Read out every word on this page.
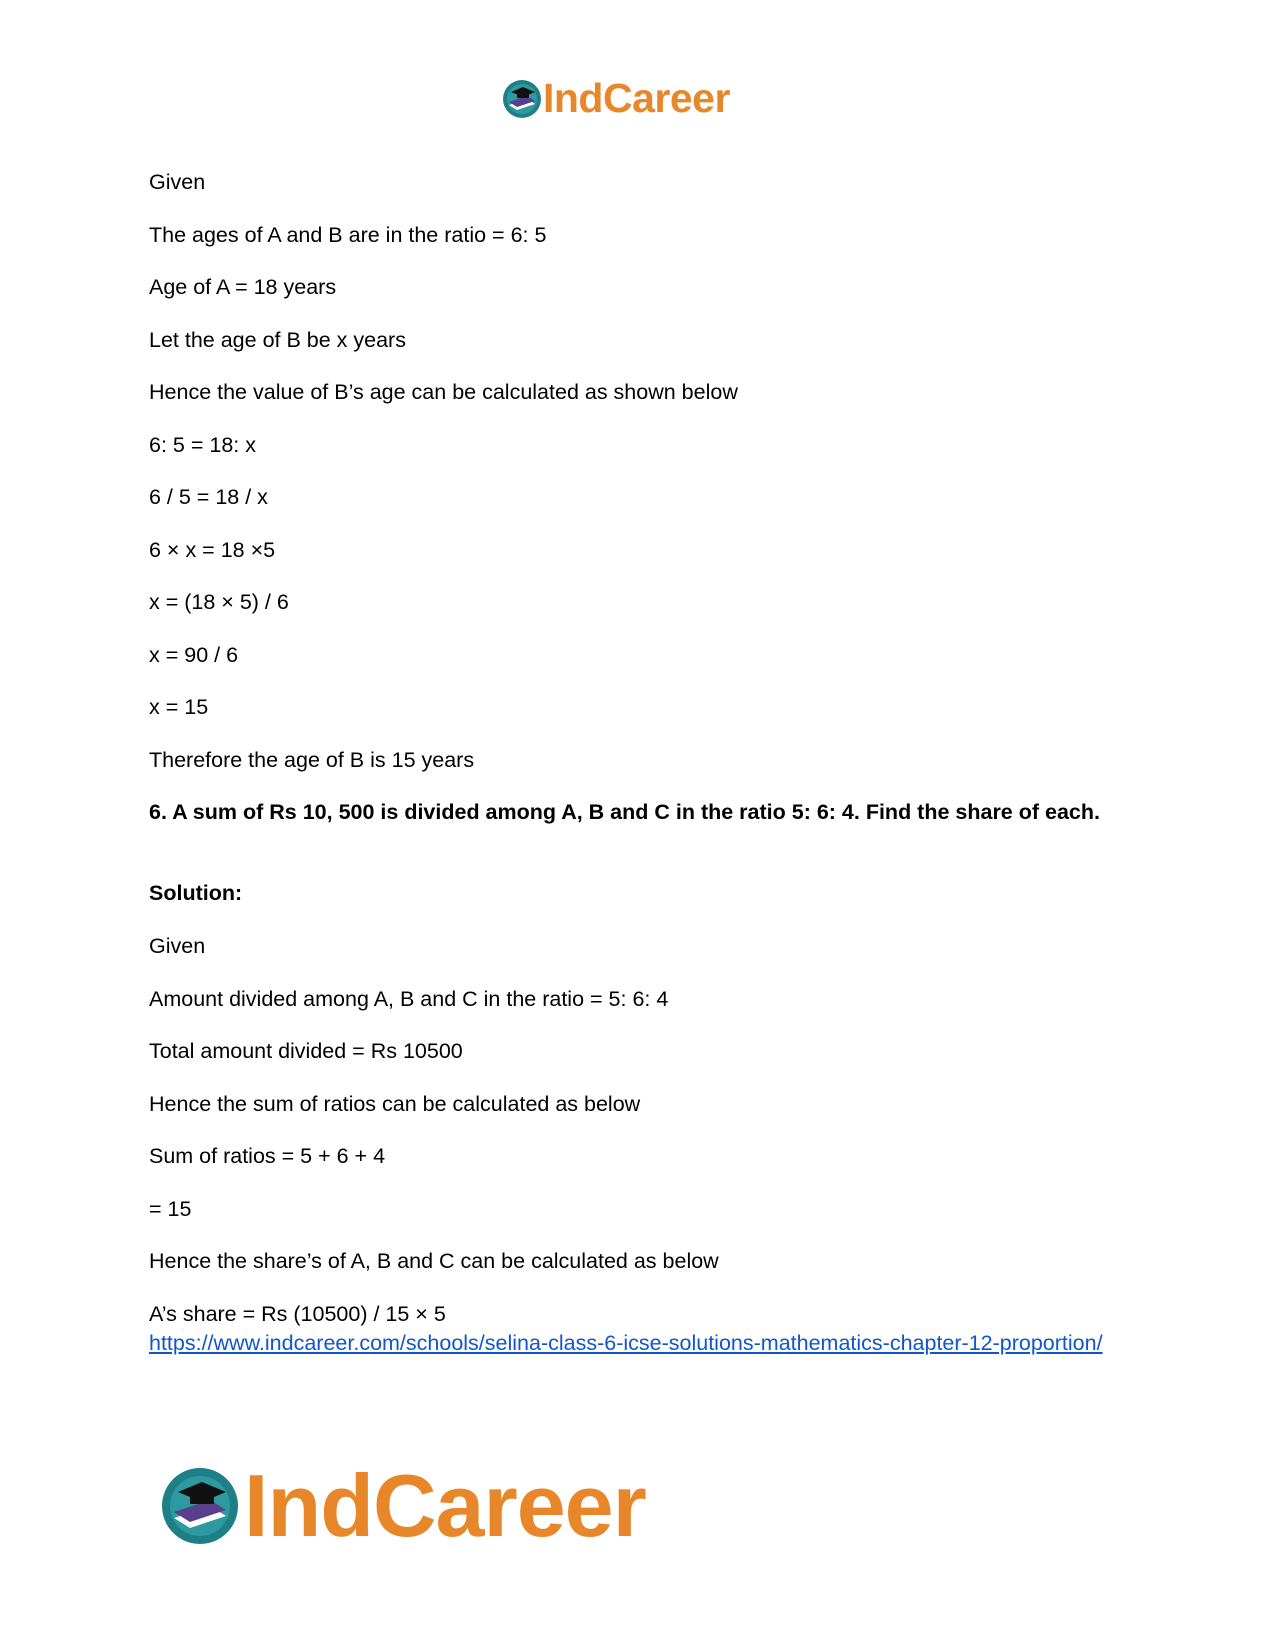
IndCareer
Given
The ages of A and B are in the ratio = 6: 5
Age of A = 18 years
Let the age of B be x years
Hence the value of B’s age can be calculated as shown below
6: 5 = 18: x
6 / 5 = 18 / x
6 × x = 18 ×5
x = (18 × 5) / 6
x = 90 / 6
x = 15
Therefore the age of B is 15 years
6. A sum of Rs 10, 500 is divided among A, B and C in the ratio 5: 6: 4. Find the share of each.
Solution:
Given
Amount divided among A, B and C in the ratio = 5: 6: 4
Total amount divided = Rs 10500
Hence the sum of ratios can be calculated as below
Sum of ratios = 5 + 6 + 4
= 15
Hence the share’s of A, B and C can be calculated as below
A’s share = Rs (10500) / 15 × 5
https://www.indcareer.com/schools/selina-class-6-icse-solutions-mathematics-chapter-12-proportion/
IndCareer
